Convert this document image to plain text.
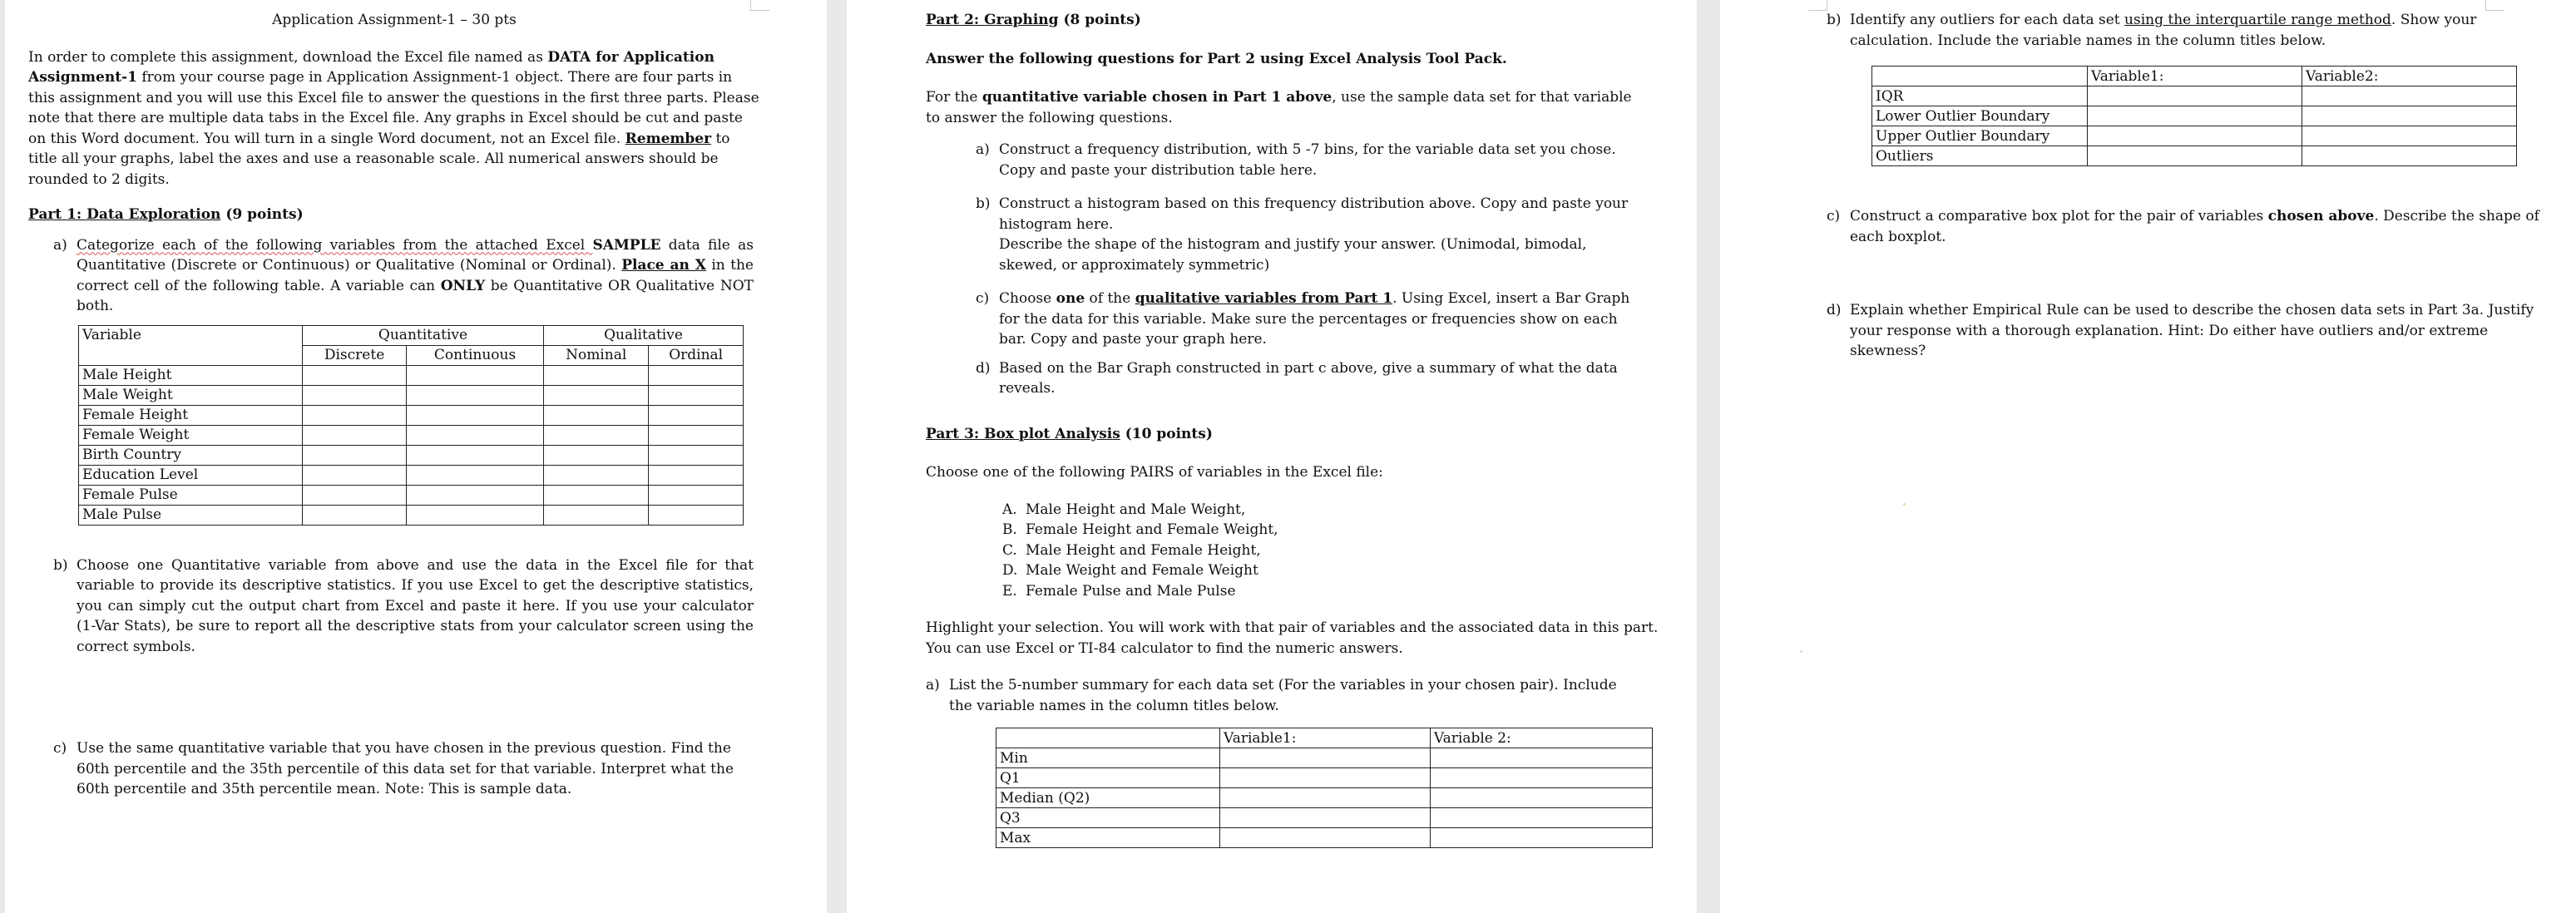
Application Assignment-1 – 30 pts

In order to complete this assignment, download the Excel file named as DATA for Application Assignment-1 from your course page in Application Assignment-1 object. There are four parts in this assignment and you will use this Excel file to answer the questions in the first three parts. Please note that there are multiple data tabs in the Excel file. Any graphs in Excel should be cut and paste on this Word document. You will turn in a single Word document, not an Excel file. Remember to title all your graphs, label the axes and use a reasonable scale. All numerical answers should be rounded to 2 digits.

Part 1: Data Exploration (9 points)

a) Categorize each of the following variables from the attached Excel SAMPLE data file as Quantitative (Discrete or Continuous) or Qualitative (Nominal or Ordinal). Place an X in the correct cell of the following table. A variable can ONLY be Quantitative OR Qualitative NOT both.
Variable	Quantitative		Qualitative	
	Discrete	Continuous	Nominal	Ordinal
Male Height				
Male Weight				
Female Height				
Female Weight				
Birth Country				
Education Level				
Female Pulse				
Male Pulse				
b) Choose one Quantitative variable from above and use the data in the Excel file for that variable to provide its descriptive statistics. If you use Excel to get the descriptive statistics, you can simply cut the output chart from Excel and paste it here. If you use your calculator (1-Var Stats), be sure to report all the descriptive stats from your calculator screen using the correct symbols.
c) Use the same quantitative variable that you have chosen in the previous question. Find the 60th percentile and the 35th percentile of this data set for that variable. Interpret what the 60th percentile and 35th percentile mean. Note: This is sample data.

Part 2: Graphing (8 points)

Answer the following questions for Part 2 using Excel Analysis Tool Pack.

For the quantitative variable chosen in Part 1 above, use the sample data set for that variable to answer the following questions.

a) Construct a frequency distribution, with 5 -7 bins, for the variable data set you chose. Copy and paste your distribution table here.
b) Construct a histogram based on this frequency distribution above. Copy and paste your histogram here.
Describe the shape of the histogram and justify your answer. (Unimodal, bimodal, skewed, or approximately symmetric)
c) Choose one of the qualitative variables from Part 1. Using Excel, insert a Bar Graph for the data for this variable. Make sure the percentages or frequencies show on each bar. Copy and paste your graph here.
d) Based on the Bar Graph constructed in part c above, give a summary of what the data reveals.

Part 3: Box plot Analysis (10 points)

Choose one of the following PAIRS of variables in the Excel file:

A. Male Height and Male Weight,
B. Female Height and Female Weight,
C. Male Height and Female Height,
D. Male Weight and Female Weight
E. Female Pulse and Male Pulse

Highlight your selection. You will work with that pair of variables and the associated data in this part. You can use Excel or TI-84 calculator to find the numeric answers.

a) List the 5-number summary for each data set (For the variables in your chosen pair). Include the variable names in the column titles below.
	Variable1:	Variable 2:
Min		
Q1		
Median (Q2)		
Q3		
Max		
b) Identify any outliers for each data set using the interquartile range method. Show your calculation. Include the variable names in the column titles below.
	Variable1:	Variable2:
IQR		
Lower Outlier Boundary		
Upper Outlier Boundary		
Outliers		
c) Construct a comparative box plot for the pair of variables chosen above. Describe the shape of each boxplot.
d) Explain whether Empirical Rule can be used to describe the chosen data sets in Part 3a. Justify your response with a thorough explanation. Hint: Do either have outliers and/or extreme skewness?
